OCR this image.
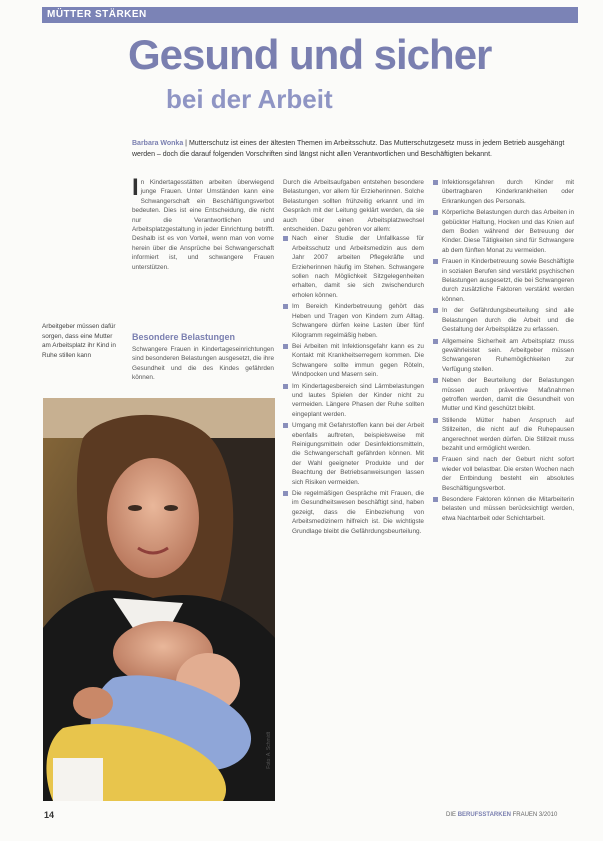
MÜTTER STÄRKEN
Gesund und sicher
bei der Arbeit
Barbara Wonka | Mutterschutz ist eines der ältesten Themen im Arbeitsschutz. Das Mutterschutzgesetz muss in jedem Betrieb ausgehängt werden – doch die darauf folgenden Vorschriften sind längst nicht allen Verantwortlichen und Beschäftigten bekannt.
I n Kindertagesstätten arbeiten überwiegend junge Frauen. Unter Umständen kann eine Schwangerschaft ein Beschäftigungsverbot bedeuten. Dies ist eine Entscheidung, die nicht nur die Verantwortlichen und Arbeitsplatzgestaltung in jeder Einrichtung betrifft. Deshalb ist es von Vorteil, wenn man von vorne herein über die Ansprüche bei Schwangerschaft informiert ist, und schwangere Frauen unterstützen.
Arbeitgeber müssen dafür sorgen, dass eine Mutter am Arbeitsplatz ihr Kind in Ruhe stillen kann
Besondere Belastungen
Schwangere Frauen in Kindertageseinrichtungen sind besonderen Belastungen ausgesetzt, die ihre Gesundheit und die des Kindes gefährden können.
Foto: A. Schmidt
Durch die Arbeitsaufgaben entstehen besondere Belastungen, vor allem für Erzieherinnen. Solche Belastungen sollten frühzeitig erkannt und im Gespräch mit der Leitung geklärt werden, da sie auch über einen Arbeitsplatzwechsel entscheiden. Dazu gehören vor allem:
Nach einer Studie der Unfallkasse für Arbeitsschutz und Arbeitsmedizin aus dem Jahr 2007 arbeiten Pflegekräfte und Erzieherinnen häufig im Stehen. Schwangere sollen nach Möglichkeit Sitzgelegenheiten erhalten, damit sie sich zwischendurch erholen können.
Im Bereich Kinderbetreuung gehört das Heben und Tragen von Kindern zum Alltag. Schwangere dürfen keine Lasten über fünf Kilogramm regelmäßig heben.
Bei Arbeiten mit Infektionsgefahr kann es zu Kontakt mit Krankheitserregern kommen. Die Schwangere sollte immun gegen Röteln, Windpocken und Masern sein.
Im Kindertagesbereich sind Lärmbelastungen und lautes Spielen der Kinder nicht zu vermeiden. Längere Phasen der Ruhe sollten eingeplant werden.
Umgang mit Gefahrstoffen kann bei der Arbeit ebenfalls auftreten, beispielsweise mit Reinigungsmitteln oder Desinfektionsmitteln, die Schwangerschaft gefährden können. Mit der Wahl geeigneter Produkte und der Beachtung der Betriebsanweisungen lassen sich Risiken vermeiden.
Die regelmäßigen Gespräche mit Frauen, die im Gesundheitswesen beschäftigt sind, haben gezeigt, dass die Einbeziehung von Arbeitsmedizinern hilfreich ist. Die wichtigste Grundlage bleibt die Gefährdungsbeurteilung.
Infektionsgefahren durch Kinder mit übertragbaren Kinderkrankheiten oder Erkrankungen des Personals.
Körperliche Belastungen durch das Arbeiten in gebückter Haltung, Hocken und das Knien auf dem Boden während der Betreuung der Kinder. Diese Tätigkeiten sind für Schwangere ab dem fünften Monat zu vermeiden.
Frauen in Kinderbetreuung sowie Beschäftigte in sozialen Berufen sind verstärkt psychischen Belastungen ausgesetzt, die bei Schwangeren durch zusätzliche Faktoren verstärkt werden können.
In der Gefährdungsbeurteilung sind alle Belastungen durch die Arbeit und die Gestaltung der Arbeitsplätze zu erfassen.
Allgemeine Sicherheit am Arbeitsplatz muss gewährleistet sein. Arbeitgeber müssen Schwangeren Ruhemöglichkeiten zur Verfügung stellen.
Neben der Beurteilung der Belastungen müssen auch präventive Maßnahmen getroffen werden, damit die Gesundheit von Mutter und Kind geschützt bleibt.
Stillende Mütter haben Anspruch auf Stillzeiten, die nicht auf die Ruhepausen angerechnet werden dürfen. Die Stillzeit muss bezahlt und ermöglicht werden.
Frauen sind nach der Geburt nicht sofort wieder voll belastbar. Die ersten Wochen nach der Entbindung besteht ein absolutes Beschäftigungsverbot.
Besondere Faktoren können die Mitarbeiterin belasten und müssen berücksichtigt werden, etwa Nachtarbeit oder Schichtarbeit.
14	DIE BERUFSSTARKEN FRAUEN 3/2010
